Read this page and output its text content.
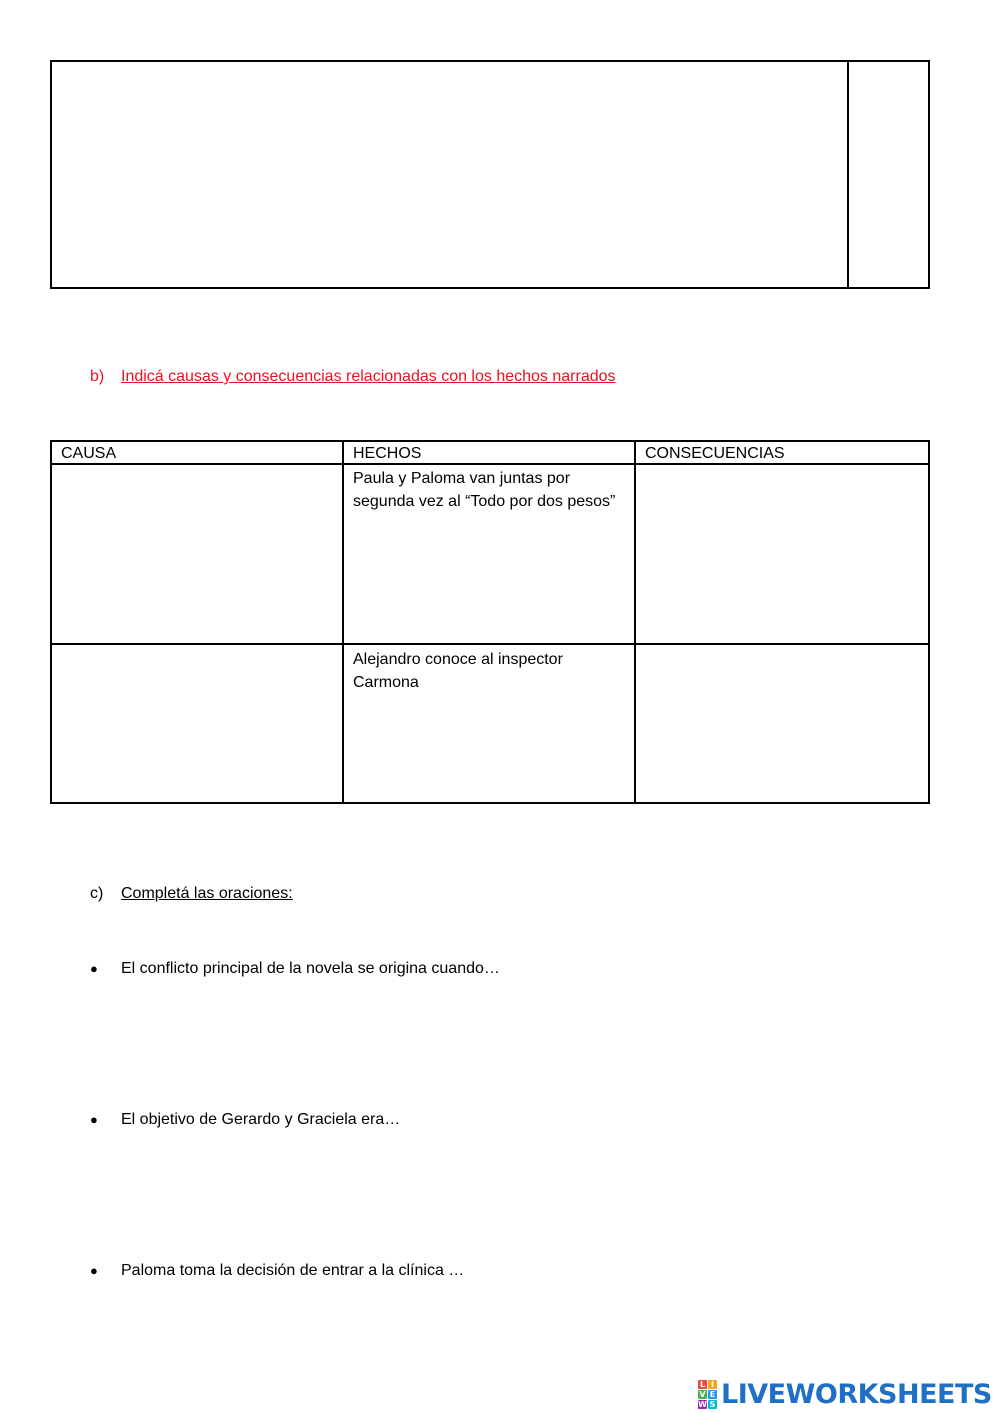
b) Indicá causas y consecuencias relacionadas con los hechos narrados
CAUSA	HECHOS	CONSECUENCIAS
	Paula y Paloma van juntas por segunda vez al “Todo por dos pesos”	
	Alejandro conoce al inspector Carmona	
c) Completá las oraciones:
● El conflicto principal de la novela se origina cuando…
● El objetivo de Gerardo y Graciela era…
● Paloma toma la decisión de entrar a la clínica …
L I
V E
W S LIVEWORKSHEETS
